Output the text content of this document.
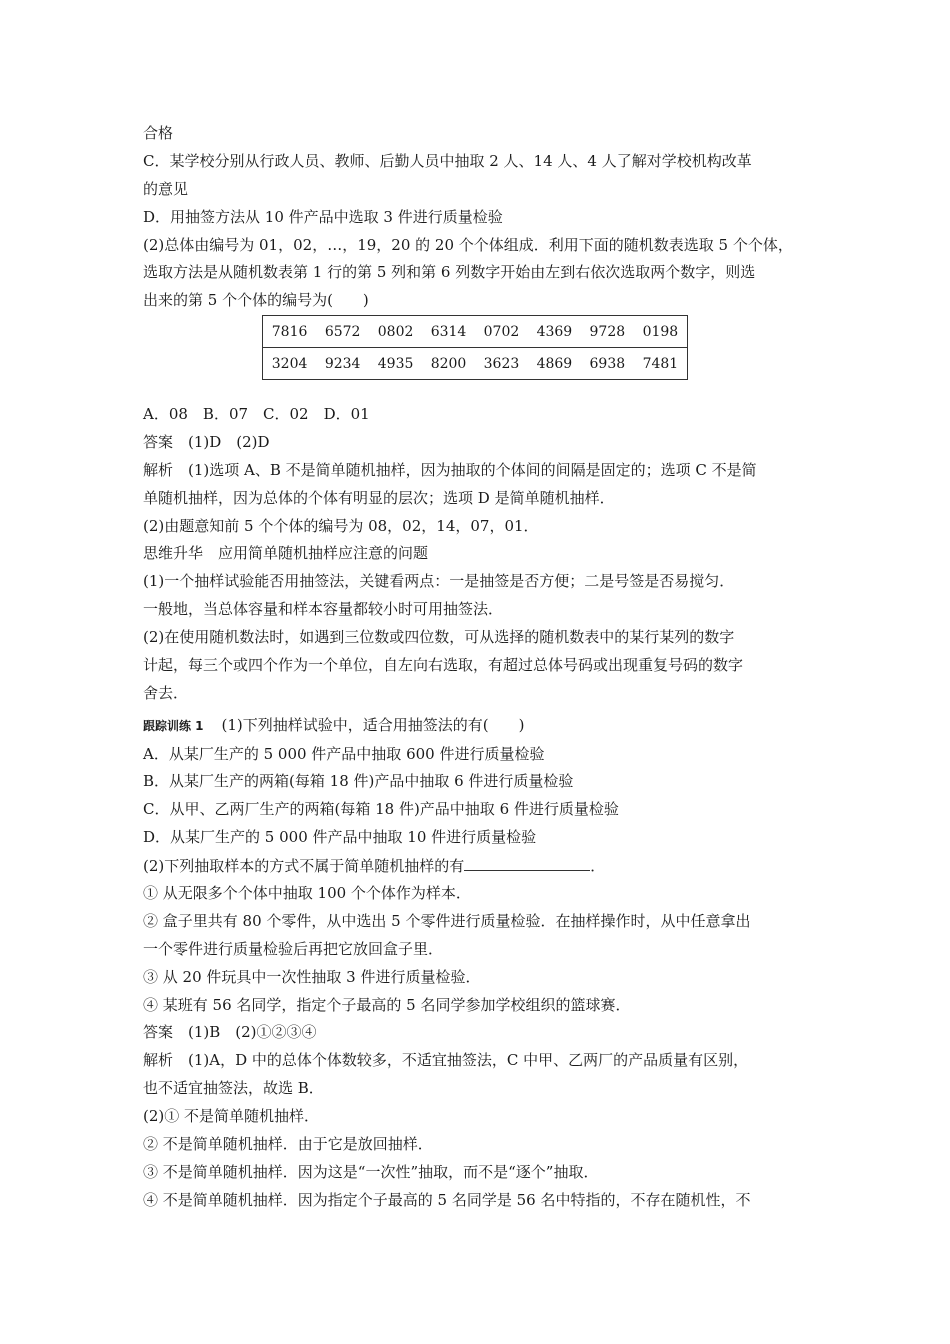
合格
C．某学校分别从行政人员、教师、后勤人员中抽取 2 人、14 人、4 人了解对学校机构改革
的意见
D．用抽签方法从 10 件产品中选取 3 件进行质量检验
(2)总体由编号为 01，02，…，19，20 的 20 个个体组成．利用下面的随机数表选取 5 个个体，
选取方法是从随机数表第 1 行的第 5 列和第 6 列数字开始由左到右依次选取两个数字，则选
出来的第 5 个个体的编号为(　　)
7816	6572	0802	6314	0702	4369	9728	0198
3204	9234	4935	8200	3623	4869	6938	7481
A．08　B．07　C．02　D．01
答案　(1)D　(2)D
解析　(1)选项 A、B 不是简单随机抽样，因为抽取的个体间的间隔是固定的；选项 C 不是简
单随机抽样，因为总体的个体有明显的层次；选项 D 是简单随机抽样．
(2)由题意知前 5 个个体的编号为 08，02，14，07，01．
思维升华　应用简单随机抽样应注意的问题
(1)一个抽样试验能否用抽签法，关键看两点：一是抽签是否方便；二是号签是否易搅匀．
一般地，当总体容量和样本容量都较小时可用抽签法．
(2)在使用随机数法时，如遇到三位数或四位数，可从选择的随机数表中的某行某列的数字
计起，每三个或四个作为一个单位，自左向右选取，有超过总体号码或出现重复号码的数字
舍去．
跟踪训练 1 (1)下列抽样试验中，适合用抽签法的有(　　)
A．从某厂生产的 5 000 件产品中抽取 600 件进行质量检验
B．从某厂生产的两箱(每箱 18 件)产品中抽取 6 件进行质量检验
C．从甲、乙两厂生产的两箱(每箱 18 件)产品中抽取 6 件进行质量检验
D．从某厂生产的 5 000 件产品中抽取 10 件进行质量检验
(2)下列抽取样本的方式不属于简单随机抽样的有	．
① 从无限多个个体中抽取 100 个个体作为样本．
② 盒子里共有 80 个零件，从中选出 5 个零件进行质量检验．在抽样操作时，从中任意拿出
一个零件进行质量检验后再把它放回盒子里．
③ 从 20 件玩具中一次性抽取 3 件进行质量检验．
④ 某班有 56 名同学，指定个子最高的 5 名同学参加学校组织的篮球赛．
答案　(1)B　(2)①②③④
解析　(1)A，D 中的总体个体数较多，不适宜抽签法，C 中甲、乙两厂的产品质量有区别，
也不适宜抽签法，故选 B．
(2)① 不是简单随机抽样．
② 不是简单随机抽样．由于它是放回抽样．
③ 不是简单随机抽样．因为这是“一次性”抽取，而不是“逐个”抽取．
④ 不是简单随机抽样．因为指定个子最高的 5 名同学是 56 名中特指的，不存在随机性，不
